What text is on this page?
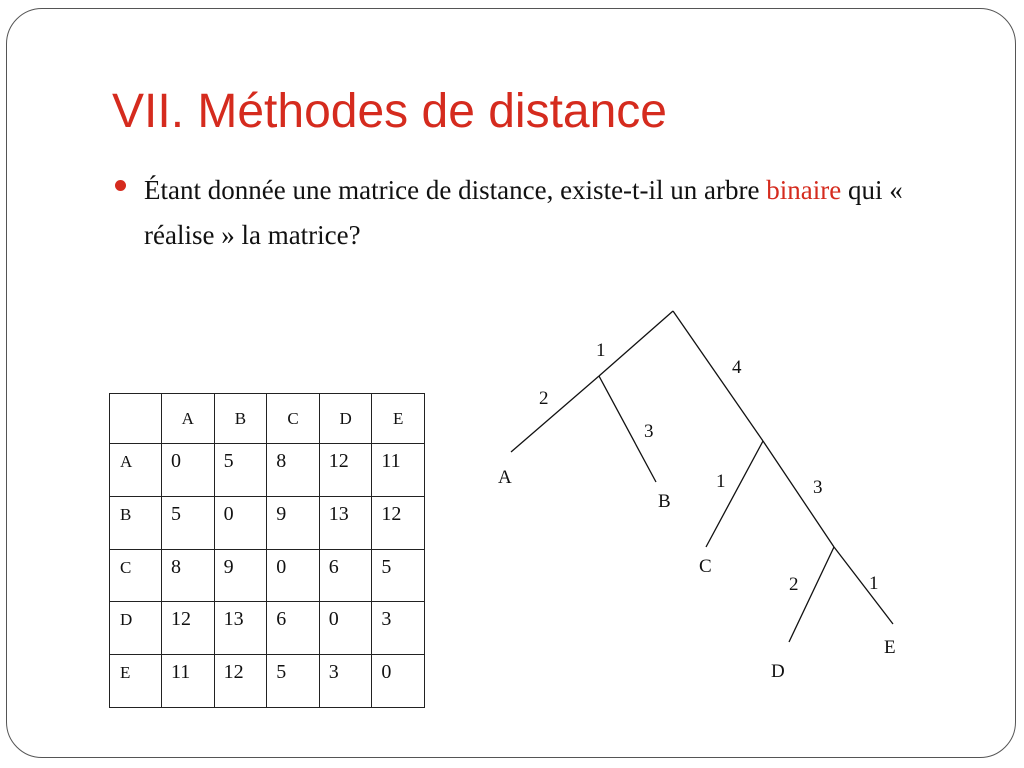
VII. Méthodes de distance
Étant donnée une matrice de distance, existe-t-il un arbre binaire qui « réalise » la matrice?
	A	B	C	D	E
A	0	5	8	12	11
B	5	0	9	13	12
C	8	9	0	6	5
D	12	13	6	0	3
E	11	12	5	3	0
1
2
3
4
1	3
2	1
A
B
C
D
E
